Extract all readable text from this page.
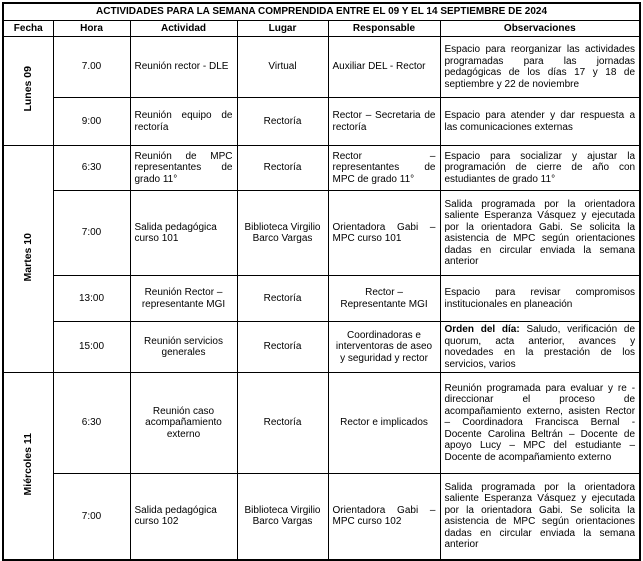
ACTIVIDADES PARA LA SEMANA COMPRENDIDA ENTRE EL 09 Y EL 14 SEPTIEMBRE DE 2024					
Fecha	Hora	Actividad	Lugar	Responsable	Observaciones
Lunes 09	7.00	Reunión rector - DLE	Virtual	Auxiliar DEL - Rector	Espacio para reorganizar las actividades programadas para las jornadas pedagógicas de los días 17 y 18 de septiembre y 22 de noviembre
	9:00	Reunión equipo de rectoría	Rectoría	Rector – Secretaria de rectoría	Espacio para atender y dar respuesta a las comunicaciones externas
Martes 10	6:30	Reunión de MPC representantes de grado 11°	Rectoría	Rector – representantes de MPC de grado 11°	Espacio para socializar y ajustar la programación de cierre de año con estudiantes de grado 11°
	7:00	Salida pedagógica curso 101	Biblioteca Virgilio Barco Vargas	Orientadora Gabi – MPC curso 101	Salida programada por la orientadora saliente Esperanza Vásquez y ejecutada por la orientadora Gabi. Se solicita la asistencia de MPC según orientaciones dadas en circular enviada la semana anterior
	13:00	Reunión Rector – representante MGI	Rectoría	Rector – Representante MGI	Espacio para revisar compromisos institucionales en planeación
	15:00	Reunión servicios generales	Rectoría	Coordinadoras e interventoras de aseo y seguridad y rector	Orden del día: Saludo, verificación de quorum, acta anterior, avances y novedades en la prestación de los servicios, varios
Miércoles 11	6:30	Reunión caso acompañamiento externo	Rectoría	Rector e implicados	Reunión programada para evaluar y re -direccionar el proceso de acompañamiento externo, asisten Rector – Coordinadora Francisca Bernal - Docente Carolina Beltrán – Docente de apoyo Lucy – MPC del estudiante – Docente de acompañamiento externo
	7:00	Salida pedagógica curso 102	Biblioteca Virgilio Barco Vargas	Orientadora Gabi – MPC curso 102	Salida programada por la orientadora saliente Esperanza Vásquez y ejecutada por la orientadora Gabi. Se solicita la asistencia de MPC según orientaciones dadas en circular enviada la semana anterior
